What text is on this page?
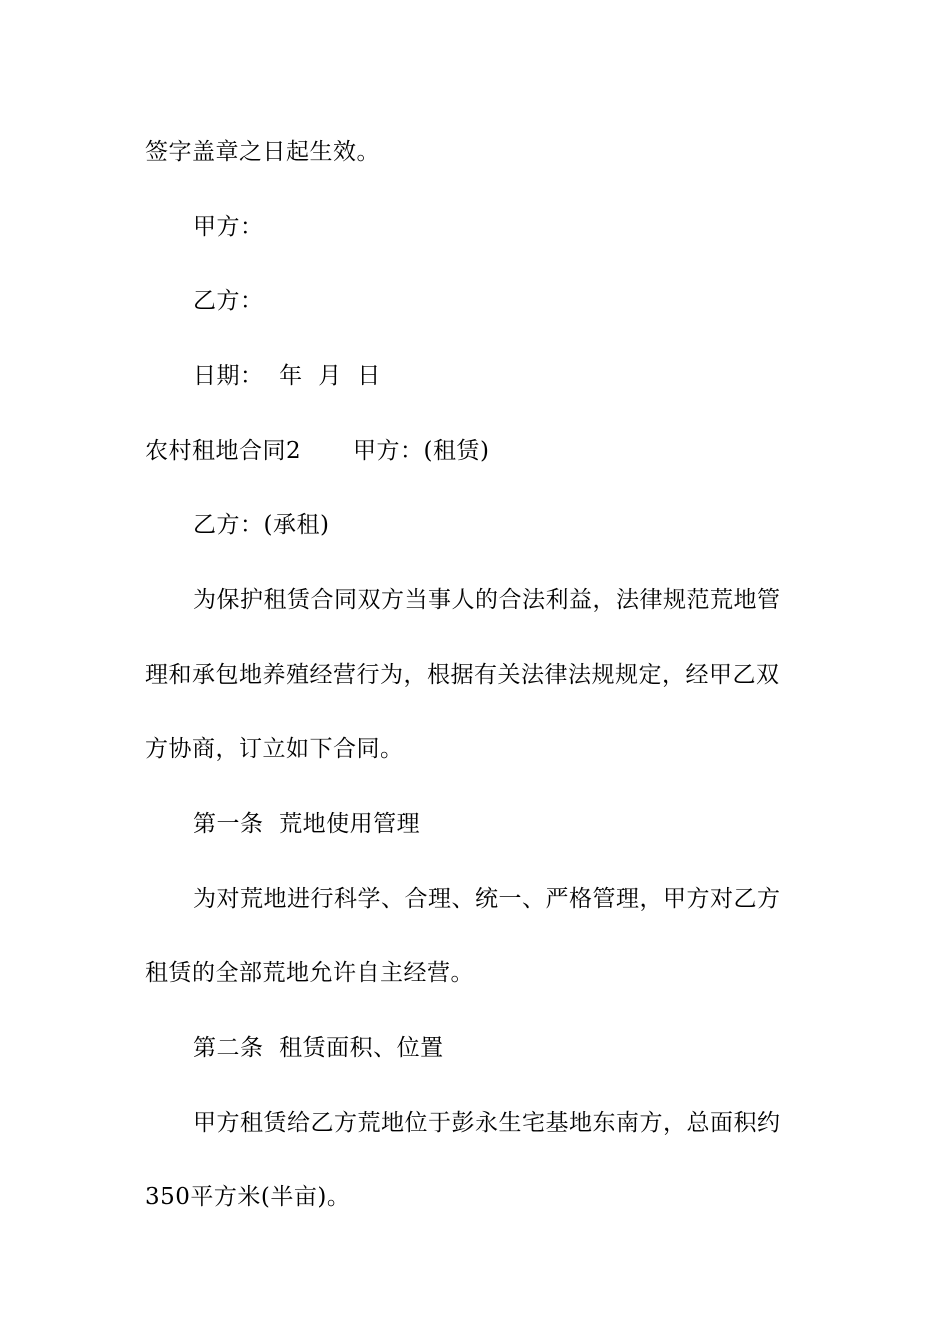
签字盖章之日起生效。
甲方：
乙方：
日期：  年  月  日
农村租地合同2 甲方：(租赁)
乙方：(承租)
为保护租赁合同双方当事人的合法利益，法律规范荒地管
理和承包地养殖经营行为，根据有关法律法规规定，经甲乙双
方协商，订立如下合同。
第一条  荒地使用管理
为对荒地进行科学、合理、统一、严格管理，甲方对乙方
租赁的全部荒地允许自主经营。
第二条  租赁面积、位置
甲方租赁给乙方荒地位于彭永生宅基地东南方，总面积约
350平方米(半亩)。
